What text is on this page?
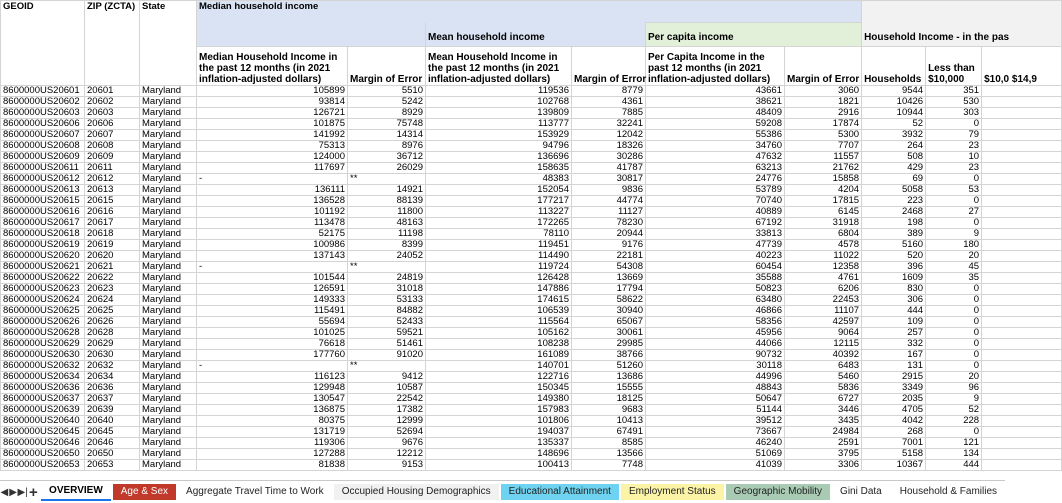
GEOID	ZIP (ZCTA)	State	Median household income								
					Mean household income		Per capita income		Household Income - in the pas		
			Median Household Income in the past 12 months (in 2021 inflation-adjusted dollars)	Margin of Error	Mean Household Income in the past 12 months (in 2021 inflation-adjusted dollars)	Margin of Error	Per Capita Income in the past 12 months (in 2021 inflation-adjusted dollars)	Margin of Error	Households	Less than $10,000	$10,0 $14,9
8600000US20601	20601	Maryland	105899	5510	119536	8779	43661	3060	9544	351	
8600000US20602	20602	Maryland	93814	5242	102768	4361	38621	1821	10426	530	
8600000US20603	20603	Maryland	126721	8929	139809	7885	48409	2916	10944	303	
8600000US20606	20606	Maryland	101875	75748	113777	32241	59208	17874	52	0	
8600000US20607	20607	Maryland	141992	14314	153929	12042	55386	5300	3932	79	
8600000US20608	20608	Maryland	75313	8976	94796	18326	34760	7707	264	23	
8600000US20609	20609	Maryland	124000	36712	136696	30286	47632	11557	508	10	
8600000US20611	20611	Maryland	117697	26029	158635	41787	63213	21762	429	23	
8600000US20612	20612	Maryland	-	**	48383	30817	24776	15858	69	0	
8600000US20613	20613	Maryland	136111	14921	152054	9836	53789	4204	5058	53	
8600000US20615	20615	Maryland	136528	88139	177217	44774	70740	17815	223	0	
8600000US20616	20616	Maryland	101192	11800	113227	11127	40889	6145	2468	27	
8600000US20617	20617	Maryland	113478	48163	172265	78230	67192	31918	198	0	
8600000US20618	20618	Maryland	52175	11198	78110	20944	33813	6804	389	9	
8600000US20619	20619	Maryland	100986	8399	119451	9176	47739	4578	5160	180	
8600000US20620	20620	Maryland	137143	24052	114490	22181	40223	11022	520	20	
8600000US20621	20621	Maryland	-	**	119724	54308	60454	12358	396	45	
8600000US20622	20622	Maryland	101544	24819	126428	13669	35588	4761	1609	35	
8600000US20623	20623	Maryland	126591	31018	147886	17794	50823	6206	830	0	
8600000US20624	20624	Maryland	149333	53133	174615	58622	63480	22453	306	0	
8600000US20625	20625	Maryland	115491	84882	106539	30940	46866	11107	444	0	
8600000US20626	20626	Maryland	55694	52433	115564	65067	58356	42597	109	0	
8600000US20628	20628	Maryland	101025	59521	105162	30061	45956	9064	257	0	
8600000US20629	20629	Maryland	76618	51461	108238	29985	44066	12115	332	0	
8600000US20630	20630	Maryland	177760	91020	161089	38766	90732	40392	167	0	
8600000US20632	20632	Maryland	-	**	140701	51260	30118	6483	131	0	
8600000US20634	20634	Maryland	116123	9412	122716	13686	44996	5460	2915	20	
8600000US20636	20636	Maryland	129948	10587	150345	15555	48843	5836	3349	96	
8600000US20637	20637	Maryland	130547	22542	149380	18125	50647	6727	2035	9	
8600000US20639	20639	Maryland	136875	17382	157983	9683	51144	3446	4705	52	
8600000US20640	20640	Maryland	80375	12999	101806	10413	39512	3435	4042	228	
8600000US20645	20645	Maryland	131719	52694	194037	67491	73667	24984	268	0	
8600000US20646	20646	Maryland	119306	9676	135337	8585	46240	2591	7001	121	
8600000US20650	20650	Maryland	127288	12212	148696	13566	51069	3795	5158	134	
8600000US20653	20653	Maryland	81838	9153	100413	7748	41039	3306	10367	444	
◀ ▶ ▶| +	OVERVIEW	Age & Sex	Aggregate Travel Time to Work	Occupied Housing Demographics	Educational Attainment	Employment Status	Geographic Mobility	Gini Data	Household & Families
